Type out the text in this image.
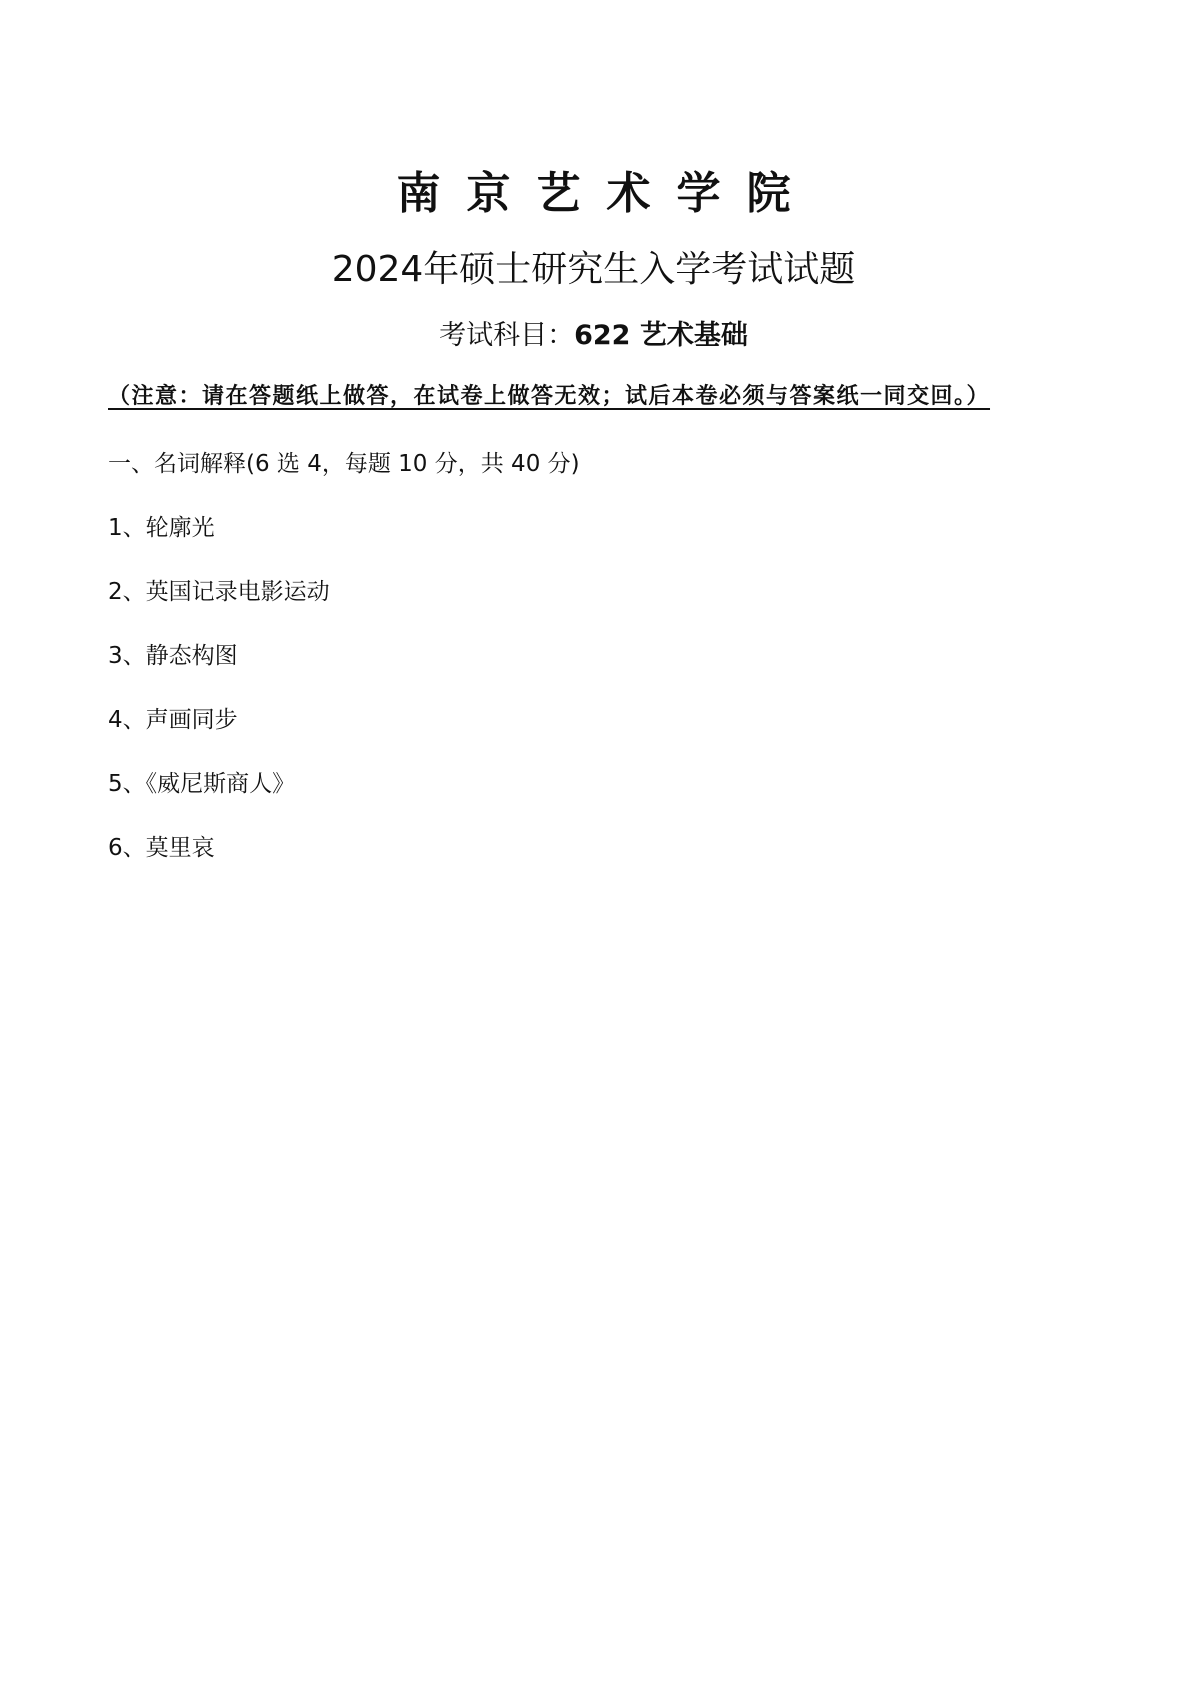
南京艺术学院
2024年硕士研究生入学考试试题
考试科目：622 艺术基础
（注意：请在答题纸上做答，在试卷上做答无效；试后本卷必须与答案纸一同交回。）
一、名词解释(6 选 4，每题 10 分，共 40 分)
1、轮廓光
2、英国记录电影运动
3、静态构图
4、声画同步
5、《威尼斯商人》
6、莫里哀
